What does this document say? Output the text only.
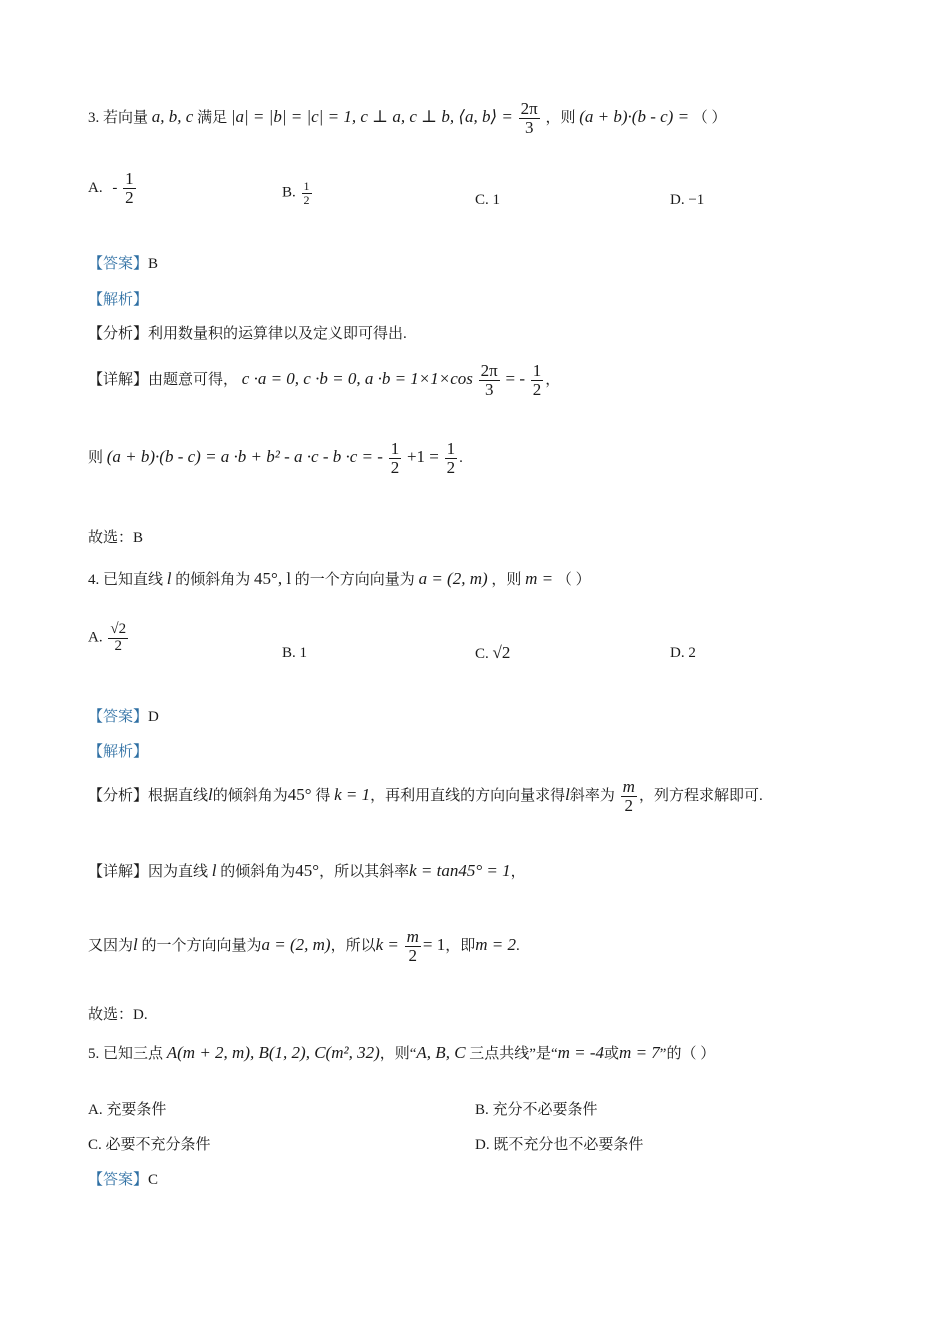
3. 若向量 a, b, c 满足 |a| = |b| = |c| = 1, c ⊥ a, c ⊥ b, ⟨a, b⟩ = $\frac{2\pi}{3}$ ，则 (a + b)·(b - c) = （ ）
A. - $\frac{1}{2}$	B. $\frac{1}{2}$	C. 1	D. −1
【答案】B
【解析】
【分析】利用数量积的运算律以及定义即可得出.
【详解】由题意可得， c ·a = 0, c ·b = 0, $a \cdot b = 1\times 1\times\cos \frac{2\pi}{3}$ = - $\frac{1}{2}$ ，
则 (a + b)·(b - c) = a ·b + b² - a ·c - b ·c = - $\frac{1}{2} +1 = \frac{1}{2}$ .
故选：B
4. 已知直线 l 的倾斜角为 45°, l 的一个方向向量为 a = (2, m) ，则 m = （ ）
A. $\frac{√2}{2}$	B. 1	C. √2	D. 2
【答案】D
【解析】
【分析】根据直线l的倾斜角为45° 得 k = 1，再利用直线的方向向量求得l斜率为 $\frac{m}{2}$ ，列方程求解即可.
【详解】因为直线 l 的倾斜角为45°，所以其斜率k = tan45° = 1，
又因为l 的一个方向向量为a = (2, m)，所以$k = \frac{m}{2} = 1$，即m = 2.
故选：D.
5. 已知三点 A(m + 2, m), B(1, 2), C(m², 32)，则“A, B, C 三点共线”是“m = -4或m = 7”的（ ）
A. 充要条件	B. 充分不必要条件
C. 必要不充分条件	D. 既不充分也不必要条件
【答案】C
